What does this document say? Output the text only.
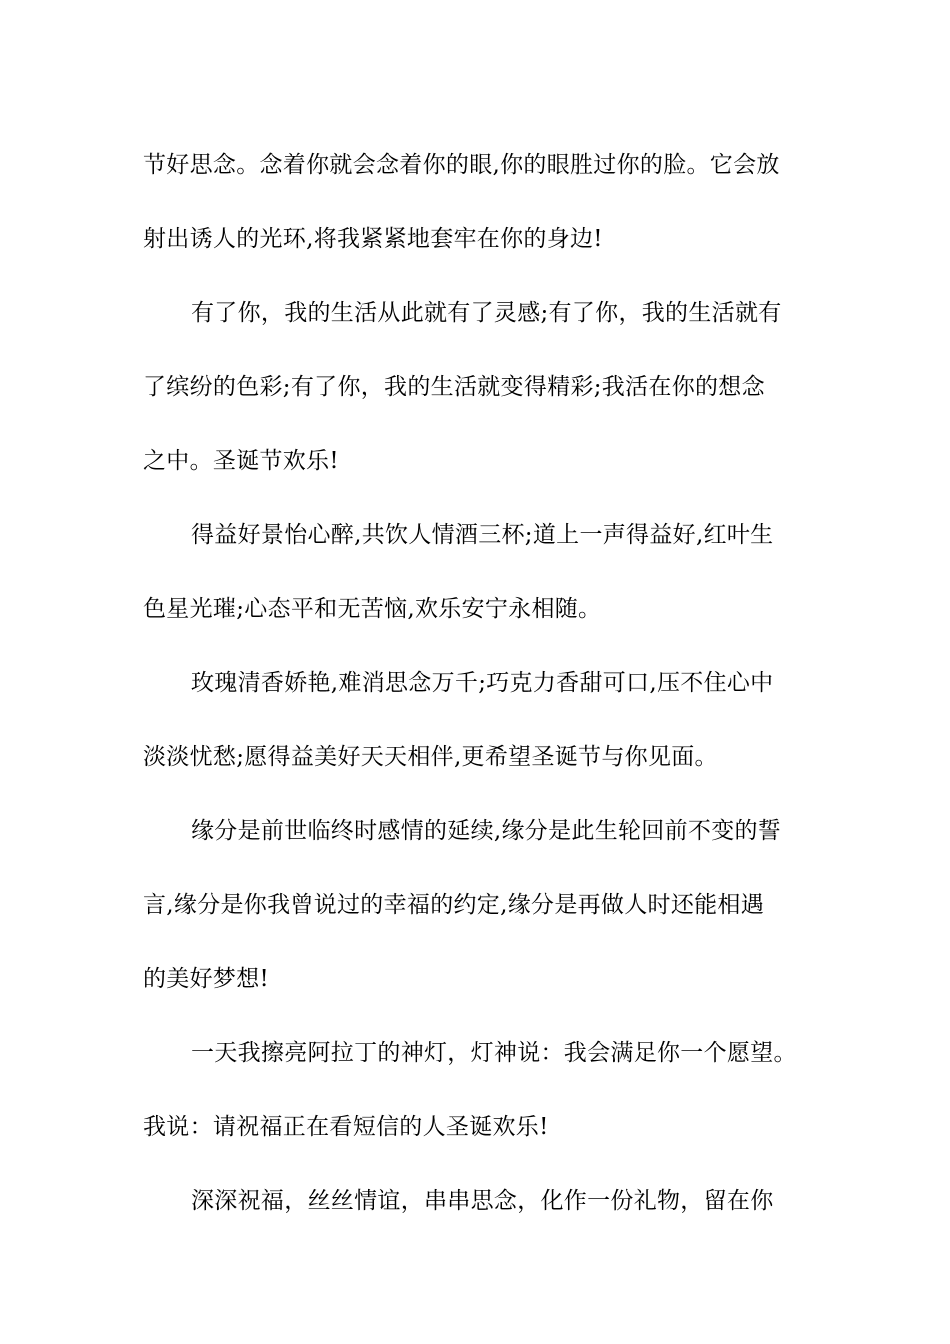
节好思念。念着你就会念着你的眼,你的眼胜过你的脸。它会放
射出诱人的光环,将我紧紧地套牢在你的身边!
有了你，我的生活从此就有了灵感;有了你，我的生活就有
了缤纷的色彩;有了你，我的生活就变得精彩;我活在你的想念
之中。圣诞节欢乐!
得益好景怡心醉,共饮人情酒三杯;道上一声得益好,红叶生
色星光璀;心态平和无苦恼,欢乐安宁永相随。
玫瑰清香娇艳,难消思念万千;巧克力香甜可口,压不住心中
淡淡忧愁;愿得益美好天天相伴,更希望圣诞节与你见面。
缘分是前世临终时感情的延续,缘分是此生轮回前不变的誓
言,缘分是你我曾说过的幸福的约定,缘分是再做人时还能相遇
的美好梦想!
一天我擦亮阿拉丁的神灯，灯神说：我会满足你一个愿望。
我说：请祝福正在看短信的人圣诞欢乐!
深深祝福，丝丝情谊，串串思念，化作一份礼物，留在你
